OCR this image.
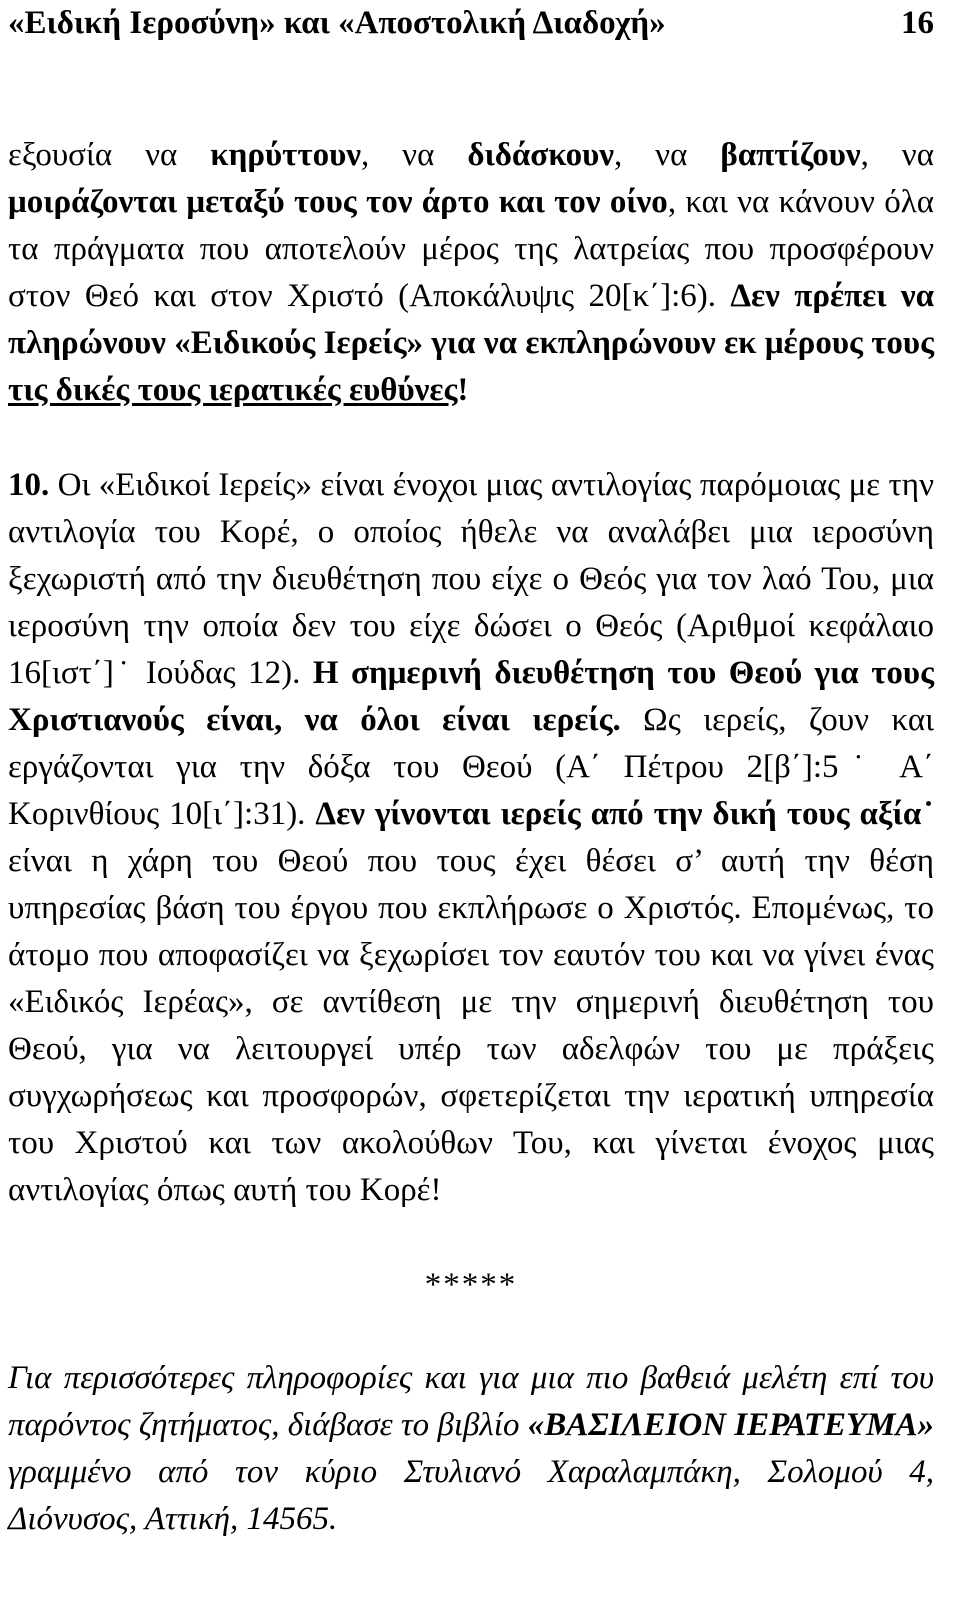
«Ειδική Ιεροσύνη» και «Αποστολική Διαδοχή»	16

εξουσία να κηρύττουν, να διδάσκουν, να βαπτίζουν, να μοιράζονται μεταξύ τους τον άρτο και τον οίνο, και να κάνουν όλα τα πράγματα που αποτελούν μέρος της λατρείας που προσφέρουν στον Θεό και στον Χριστό (Αποκάλυψις 20[κ΄]:6). Δεν πρέπει να πληρώνουν «Ειδικούς Ιερείς» για να εκπληρώνουν εκ μέρους τους τις δικές τους ιερατικές ευθύνες!

10. Οι «Ειδικοί Ιερείς» είναι ένοχοι μιας αντιλογίας παρόμοιας με την αντιλογία του Κορέ, ο οποίος ήθελε να αναλάβει μια ιεροσύνη ξεχωριστή από την διευθέτηση που είχε ο Θεός για τον λαό Του, μια ιεροσύνη την οποία δεν του είχε δώσει ο Θεός (Αριθμοί κεφάλαιο 16[ιστ΄]˙ Ιούδας 12). Η σημερινή διευθέτηση του Θεού για τους Χριστιανούς είναι, να όλοι είναι ιερείς. Ως ιερείς, ζουν και εργάζονται για την δόξα του Θεού (Α΄ Πέτρου 2[β΄]:5˙ Α΄ Κορινθίους 10[ι΄]:31). Δεν γίνονται ιερείς από την δική τους αξία˙ είναι η χάρη του Θεού που τους έχει θέσει σ’ αυτή την θέση υπηρεσίας βάση του έργου που εκπλήρωσε ο Χριστός. Επομένως, το άτομο που αποφασίζει να ξεχωρίσει τον εαυτόν του και να γίνει ένας «Ειδικός Ιερέας», σε αντίθεση με την σημερινή διευθέτηση του Θεού, για να λειτουργεί υπέρ των αδελφών του με πράξεις συγχωρήσεως και προσφορών, σφετερίζεται την ιερατική υπηρεσία του Χριστού και των ακολούθων Του, και γίνεται ένοχος μιας αντιλογίας όπως αυτή του Κορέ!

*****

Για περισσότερες πληροφορίες και για μια πιο βαθειά μελέτη επί του παρόντος ζητήματος, διάβασε το βιβλίο «ΒΑΣΙΛΕΙΟΝ ΙΕΡΑΤΕΥΜΑ» γραμμένο από τον κύριο Στυλιανό Χαραλαμπάκη, Σολομού 4, Διόνυσος, Αττική, 14565.
